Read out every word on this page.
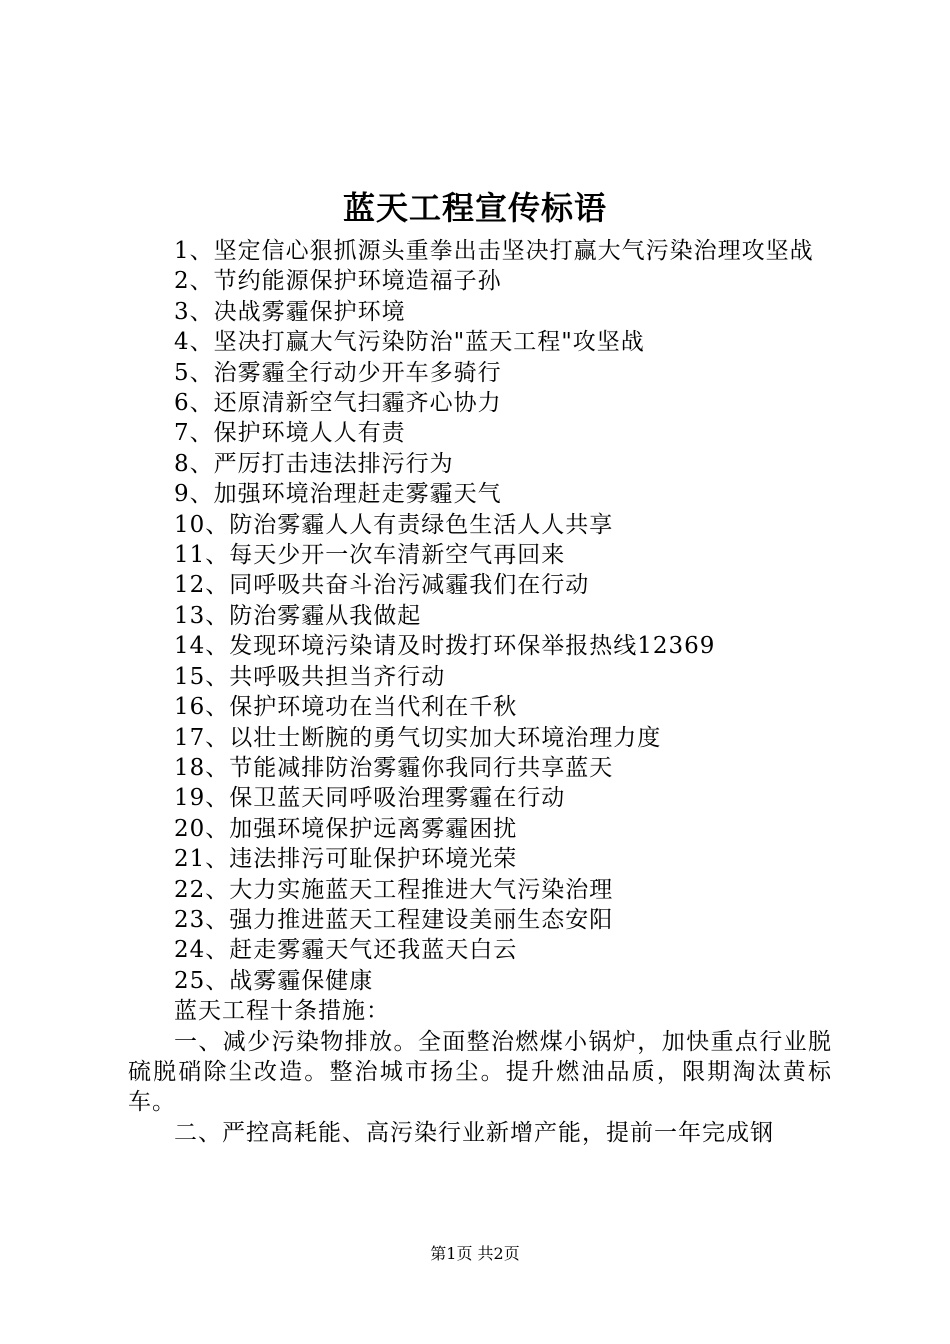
蓝天工程宣传标语

1、坚定信心狠抓源头重拳出击坚决打赢大气污染治理攻坚战

2、节约能源保护环境造福子孙

3、决战雾霾保护环境

4、坚决打赢大气污染防治"蓝天工程"攻坚战

5、治雾霾全行动少开车多骑行

6、还原清新空气扫霾齐心协力

7、保护环境人人有责

8、严厉打击违法排污行为

9、加强环境治理赶走雾霾天气

10、防治雾霾人人有责绿色生活人人共享

11、每天少开一次车清新空气再回来

12、同呼吸共奋斗治污减霾我们在行动

13、防治雾霾从我做起

14、发现环境污染请及时拨打环保举报热线12369

15、共呼吸共担当齐行动

16、保护环境功在当代利在千秋

17、以壮士断腕的勇气切实加大环境治理力度

18、节能减排防治雾霾你我同行共享蓝天

19、保卫蓝天同呼吸治理雾霾在行动

20、加强环境保护远离雾霾困扰

21、违法排污可耻保护环境光荣

22、大力实施蓝天工程推进大气污染治理

23、强力推进蓝天工程建设美丽生态安阳

24、赶走雾霾天气还我蓝天白云

25、战雾霾保健康

蓝天工程十条措施：

一、减少污染物排放。全面整治燃煤小锅炉，加快重点行业脱硫脱硝除尘改造。整治城市扬尘。提升燃油品质，限期淘汰黄标车。

二、严控高耗能、高污染行业新增产能，提前一年完成钢

第1页 共2页
